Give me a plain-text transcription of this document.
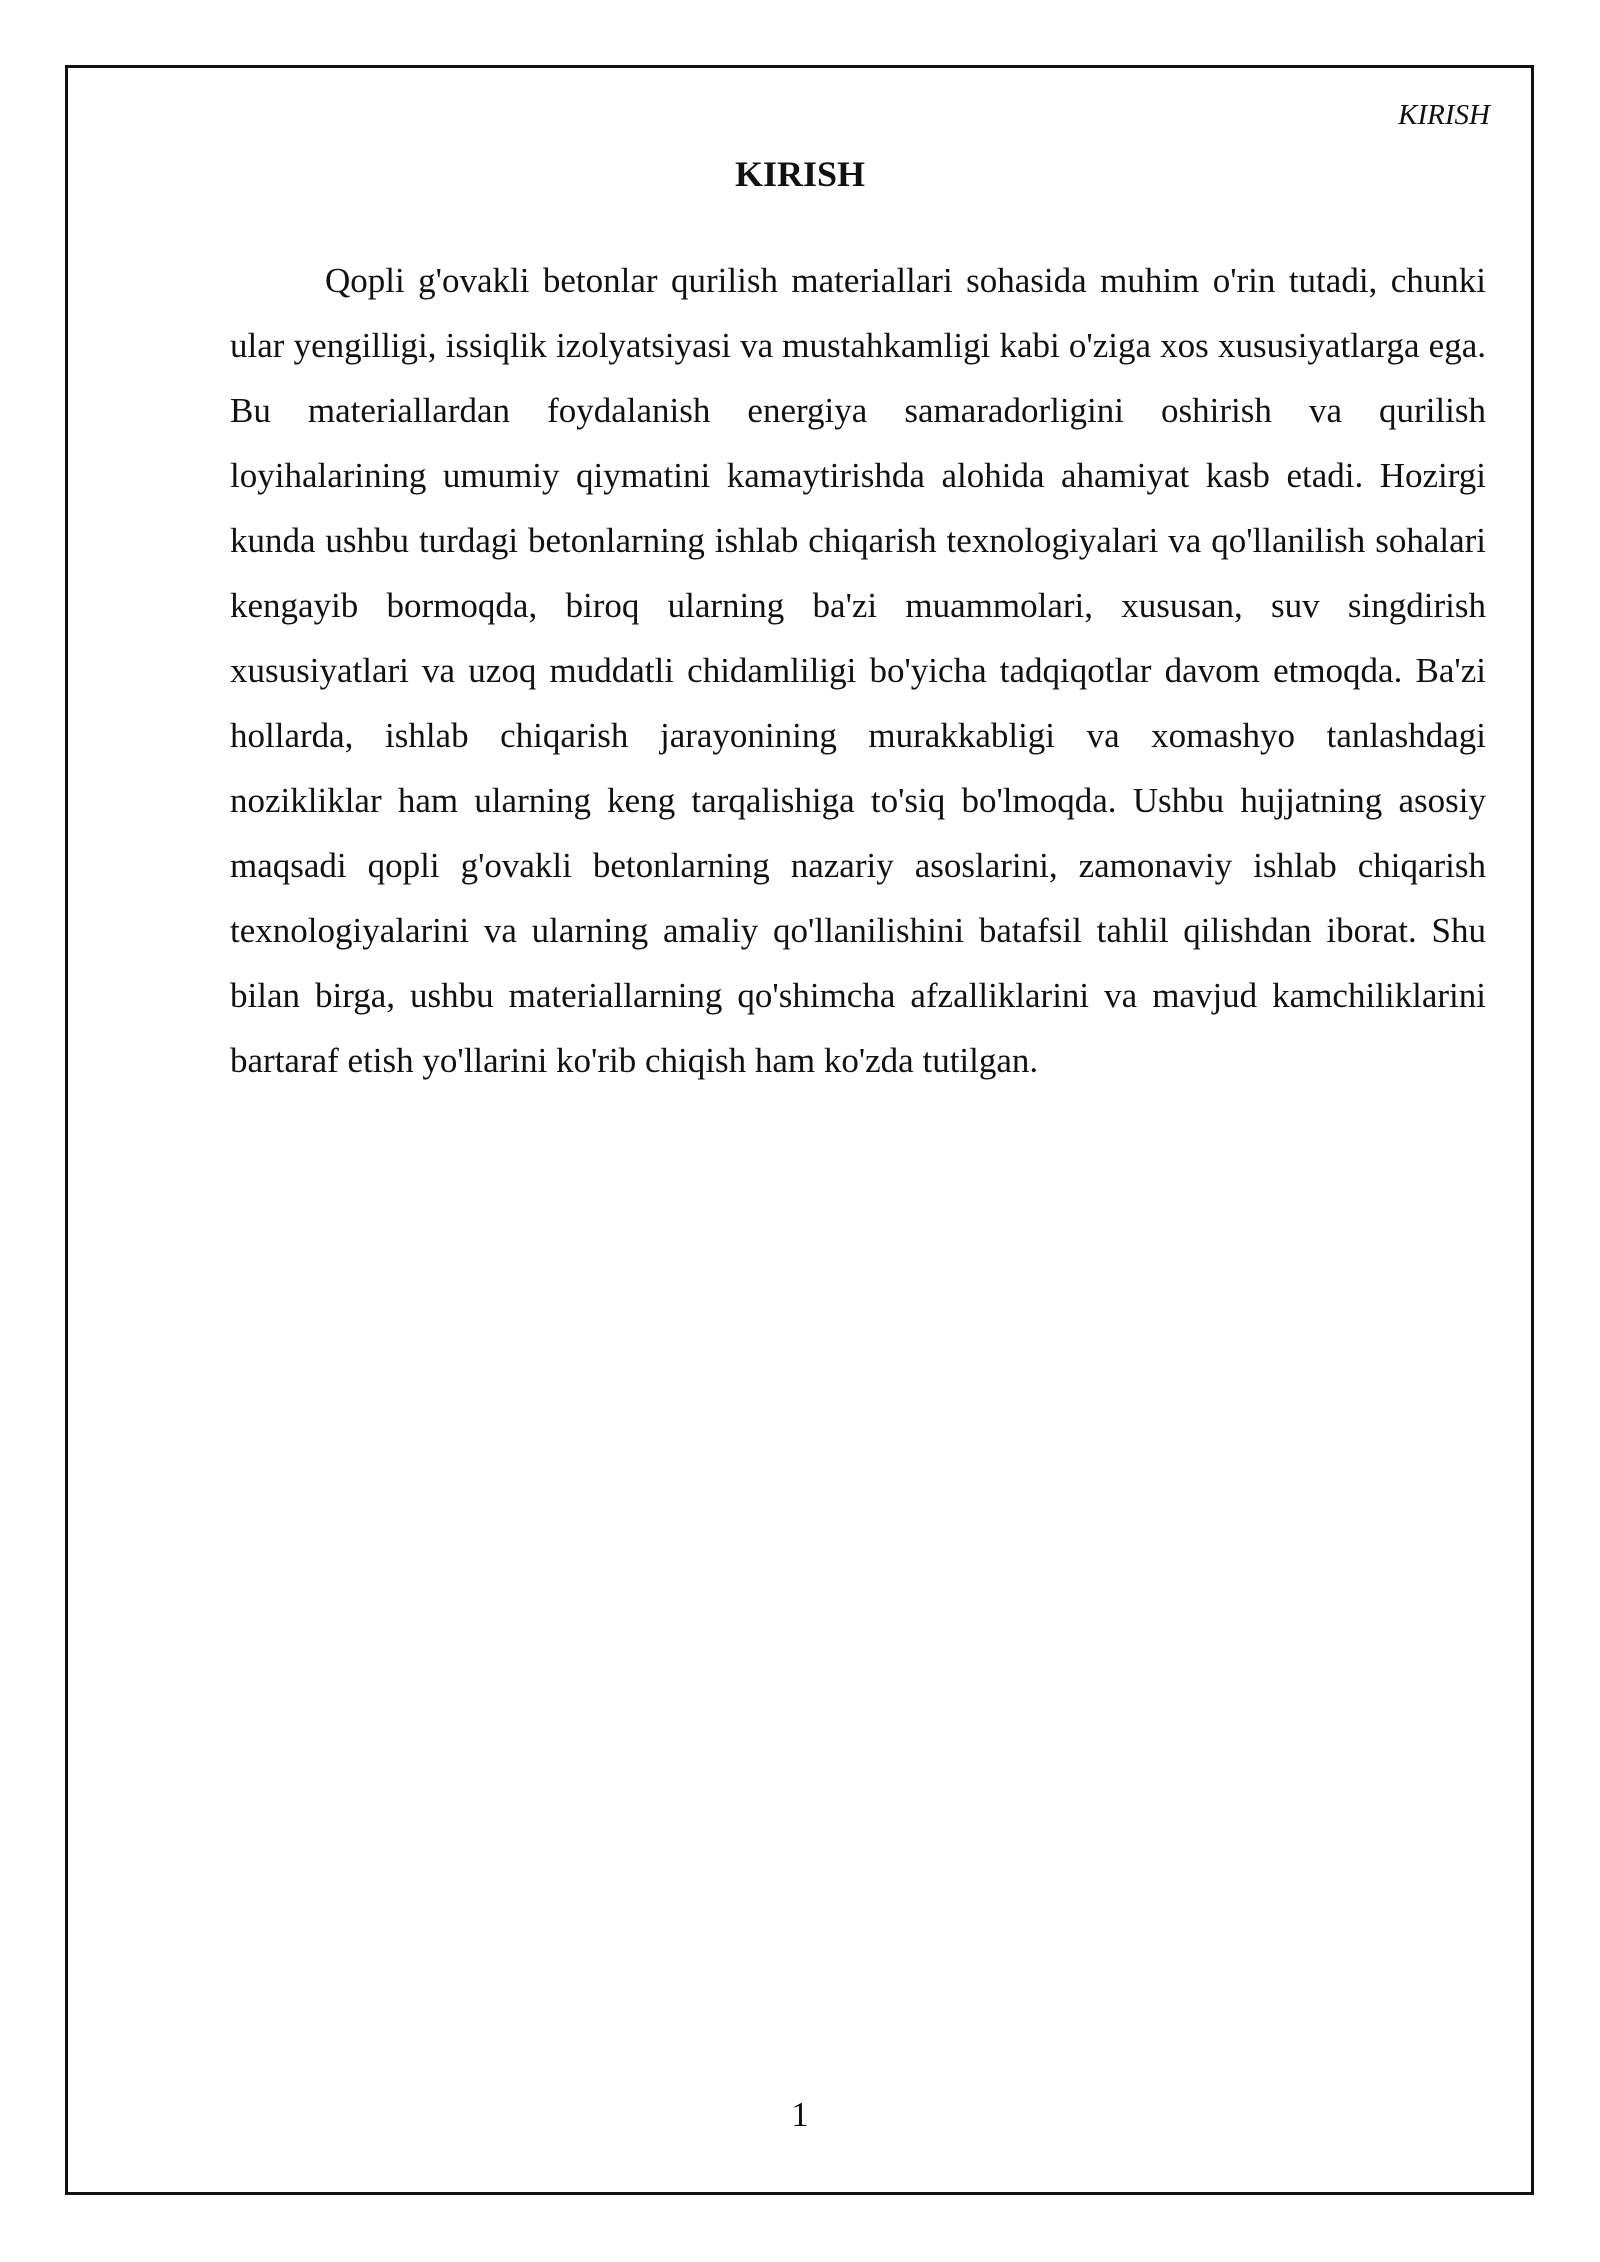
KIRISH
KIRISH

Qopli g'ovakli betonlar qurilish materiallari sohasida muhim o'rin tutadi, chunki ular yengilligi, issiqlik izolyatsiyasi va mustahkamligi kabi o'ziga xos xususiyatlarga ega. Bu materiallardan foydalanish energiya samaradorligini oshirish va qurilish loyihalarining umumiy qiymatini kamaytirishda alohida ahamiyat kasb etadi. Hozirgi kunda ushbu turdagi betonlarning ishlab chiqarish texnologiyalari va qo'llanilish sohalari kengayib bormoqda, biroq ularning ba'zi muammolari, xususan, suv singdirish xususiyatlari va uzoq muddatli chidamliligi bo'yicha tadqiqotlar davom etmoqda. Ba'zi hollarda, ishlab chiqarish jarayonining murakkabligi va xomashyo tanlashdagi nozikliklar ham ularning keng tarqalishiga to'siq bo'lmoqda. Ushbu hujjatning asosiy maqsadi qopli g'ovakli betonlarning nazariy asoslarini, zamonaviy ishlab chiqarish texnologiyalarini va ularning amaliy qo'llanilishini batafsil tahlil qilishdan iborat. Shu bilan birga, ushbu materiallarning qo'shimcha afzalliklarini va mavjud kamchiliklarini bartaraf etish yo'llarini ko'rib chiqish ham ko'zda tutilgan.

1
